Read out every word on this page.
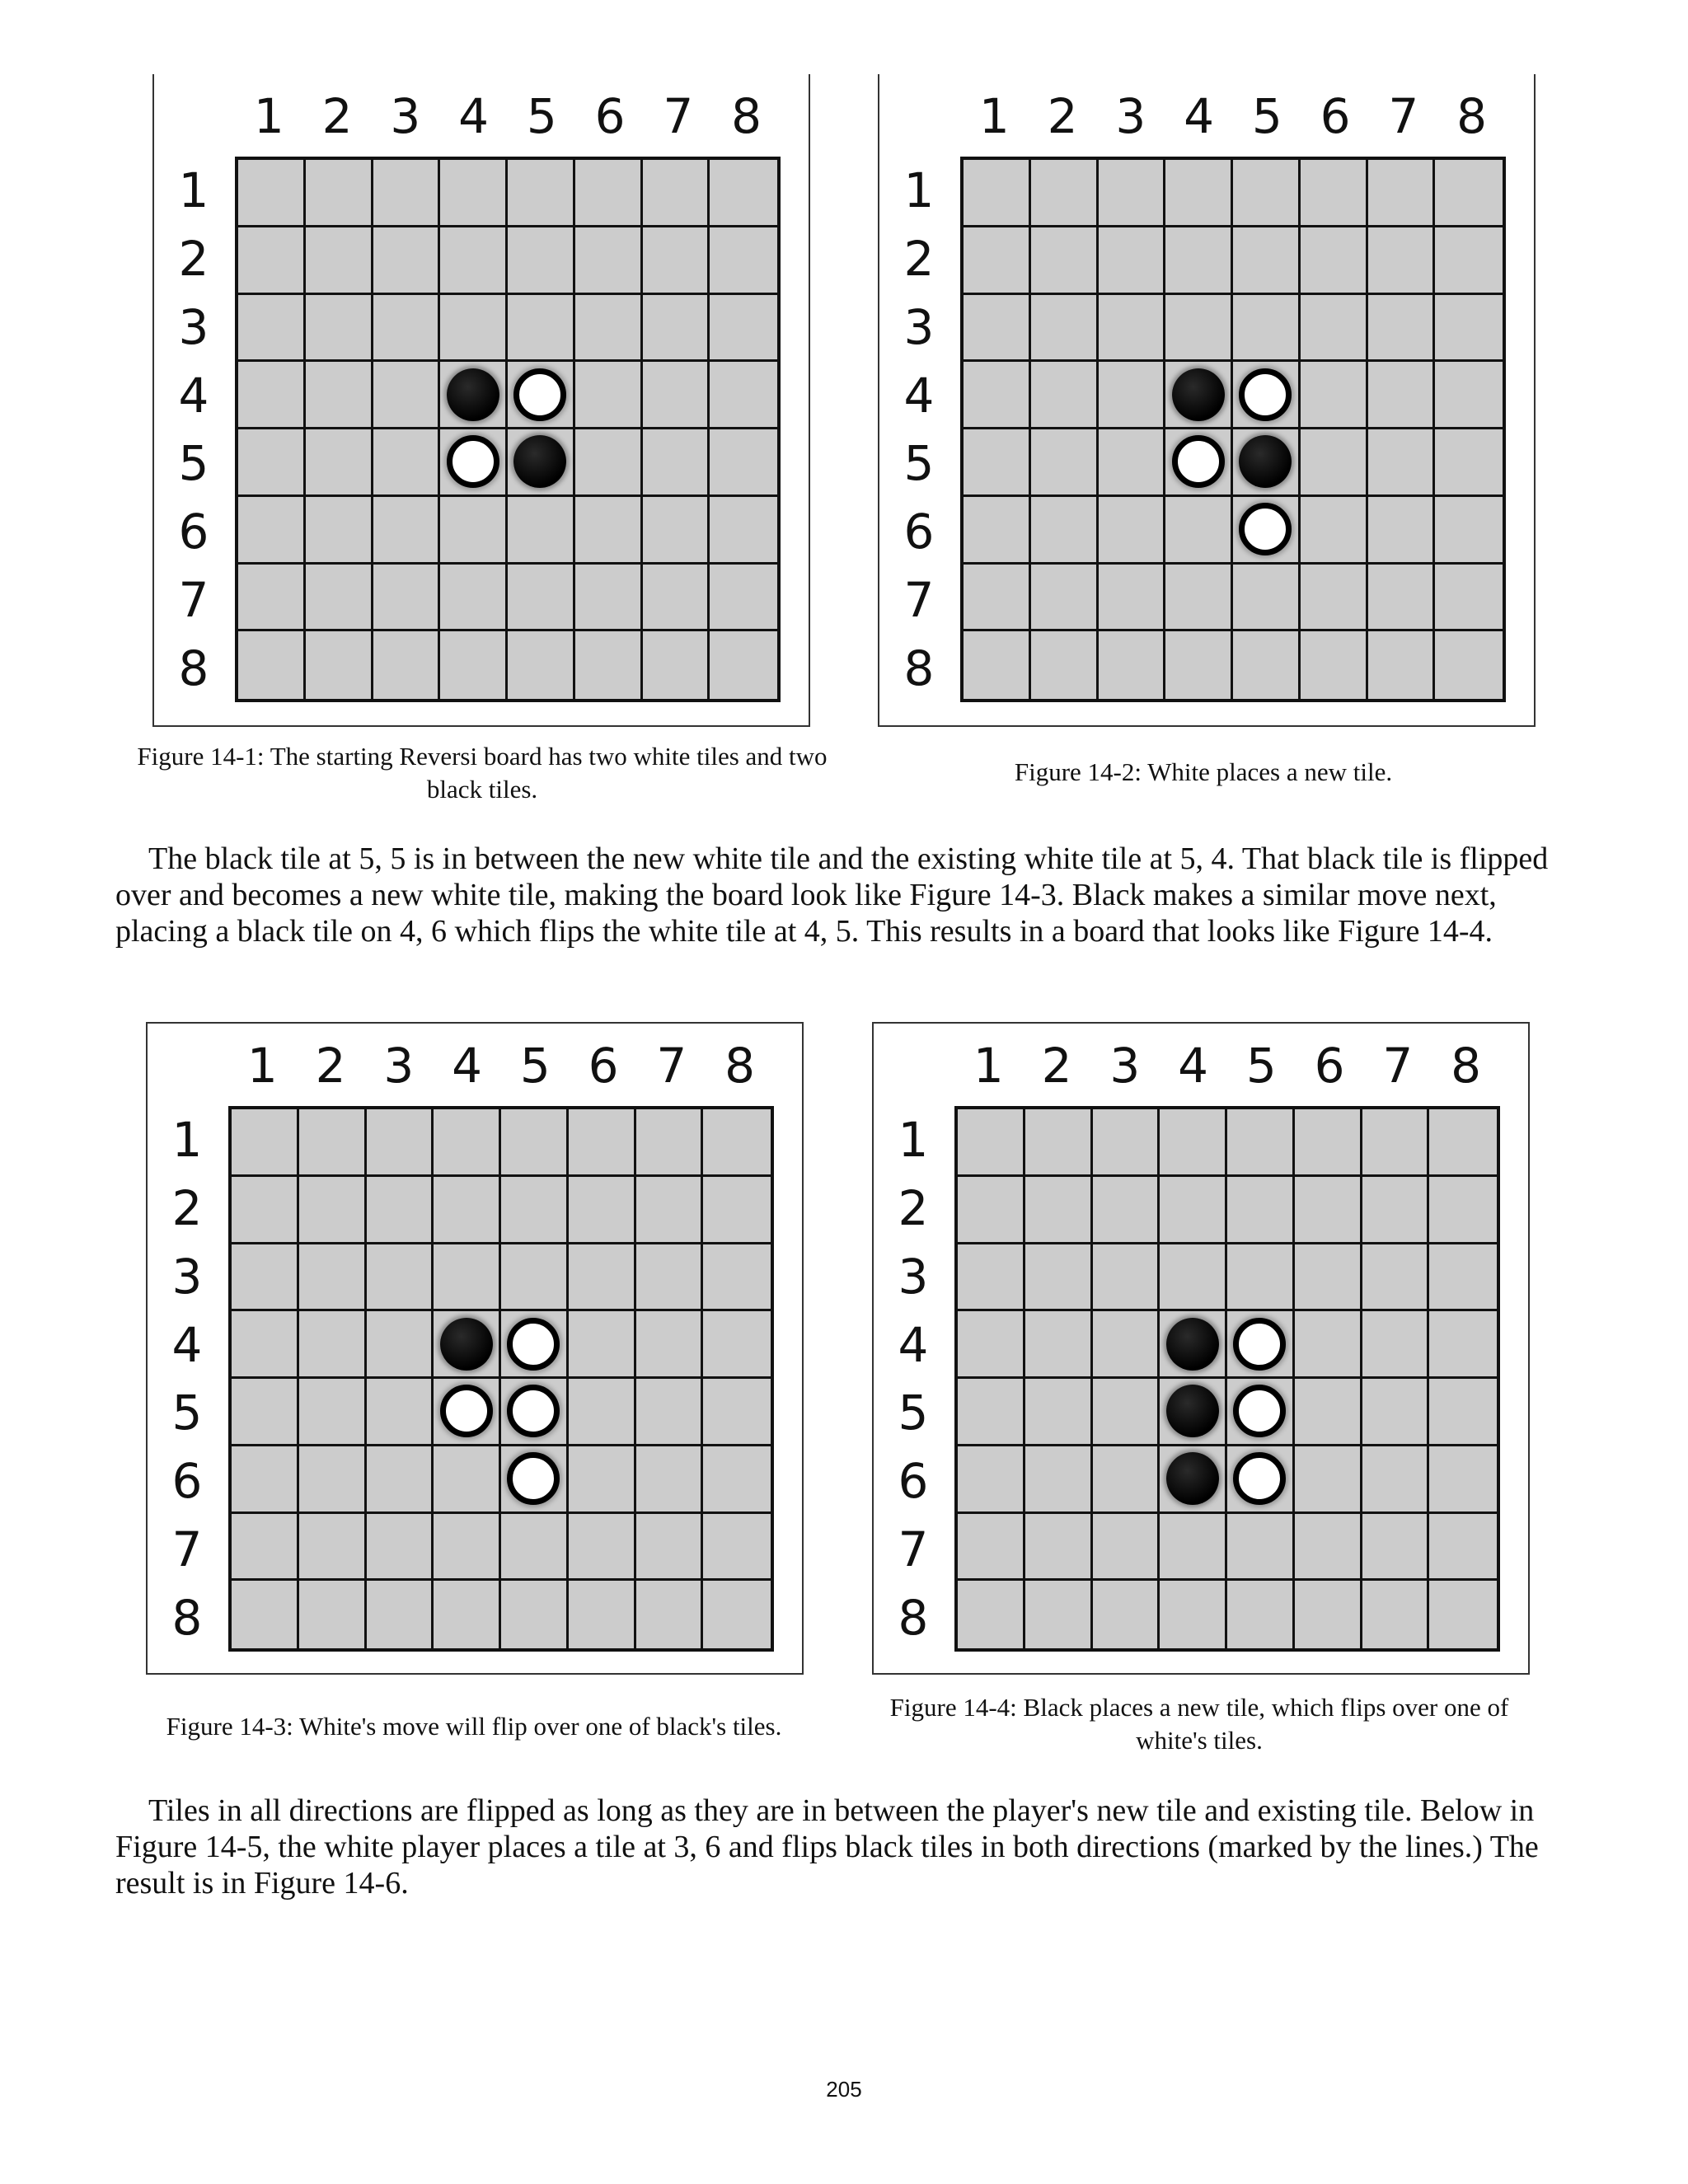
Figure 14-1: The starting Reversi board has two white tiles and two black tiles.
Figure 14-2: White places a new tile.

The black tile at 5, 5 is in between the new white tile and the existing white tile at 5, 4. That black tile is flipped over and becomes a new white tile, making the board look like Figure 14-3. Black makes a similar move next, placing a black tile on 4, 6 which flips the white tile at 4, 5. This results in a board that looks like Figure 14-4.

Figure 14-3: White's move will flip over one of black's tiles.
Figure 14-4: Black places a new tile, which flips over one of white's tiles.

Tiles in all directions are flipped as long as they are in between the player's new tile and existing tile. Below in Figure 14-5, the white player places a tile at 3, 6 and flips black tiles in both directions (marked by the lines.) The result is in Figure 14-6.

205
1 2 3 4 5 6 7 8
1
2
3
4
5
6
7
8
1 2 3 4 5 6 7 8
1
2
3
4
5
6
7
8
1 2 3 4 5 6 7 8
1
2
3
4
5
6
7
8
1 2 3 4 5 6 7 8
1
2
3
4
5
6
7
8
